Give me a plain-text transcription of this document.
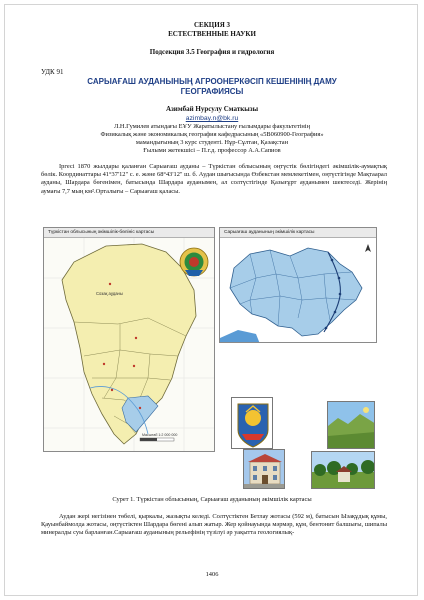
СЕКЦИЯ 3
ЕСТЕСТВЕННЫЕ НАУКИ
Подсекция 3.5 География и гидрология
УДК 91
САРЫАҒАШ АУДАНЫНЫҢ АГРООНЕРКӘСІП КЕШЕНІНІҢ ДАМУ
ГЕОГРАФИЯСЫ
Азимбай Нурсулу Сматкызы
azimbay.n@bk.ru
Л.Н.Гумилев атындағы ЕҰУ Жаратылыстану ғылымдары факультетінің
Физикалық және экономикалық география кафедрасының «5B060900-География»
мамандығының 3 курс студенті. Нұр-Сұлтан, Қазақстан
Ғылыми жетекшісі – П.г.д. профессор А.А.Сапиов
Іргесі 1870 жылдары қаланған Сарыағаш ауданы – Түркістан облысының оңтүстік бөлігіндегі әкімшілік-аумақтық бөлік. Координаттары 41°37'12" с. е. және 68°43'12" ш. б. Аудан шығысында Өзбекстан мемлекетімен, оңтүстігінде Мақтаарал ауданы, Шардара бөгенімен, батысында Шардара ауданымен, ал солтүстігінде Қазығұрт ауданымен шектеседі. Жерінің аумағы 7,7 мың км².Орталығы – Сарыағаш қаласы.
Түркістан облысының әкімшілік-бөлініс картасы
Созақ ауданы
Масштаб 1:2 000 000
Сарыағаш ауданының әкімшілік картасы
Сурет 1. Түркістан облысының, Сарыағаш ауданының әкімшілік картасы
Аудан жері негізінен төбелі, қыркалы, жазықты келеді. Солтүстіктен Бетлау жотасы (592 м), батысын Ызақұдық құмы, Қауынбаймолда жотасы, оңтүстіктен Шардара бөгені алып жатыр. Жер қойнауында мәрмәр, құм, бентонит балшығы, шипалы минералды суы барланған.Сарыағаш ауданының рельефінің түзілуі әр уақытта геологиялық-
1406
